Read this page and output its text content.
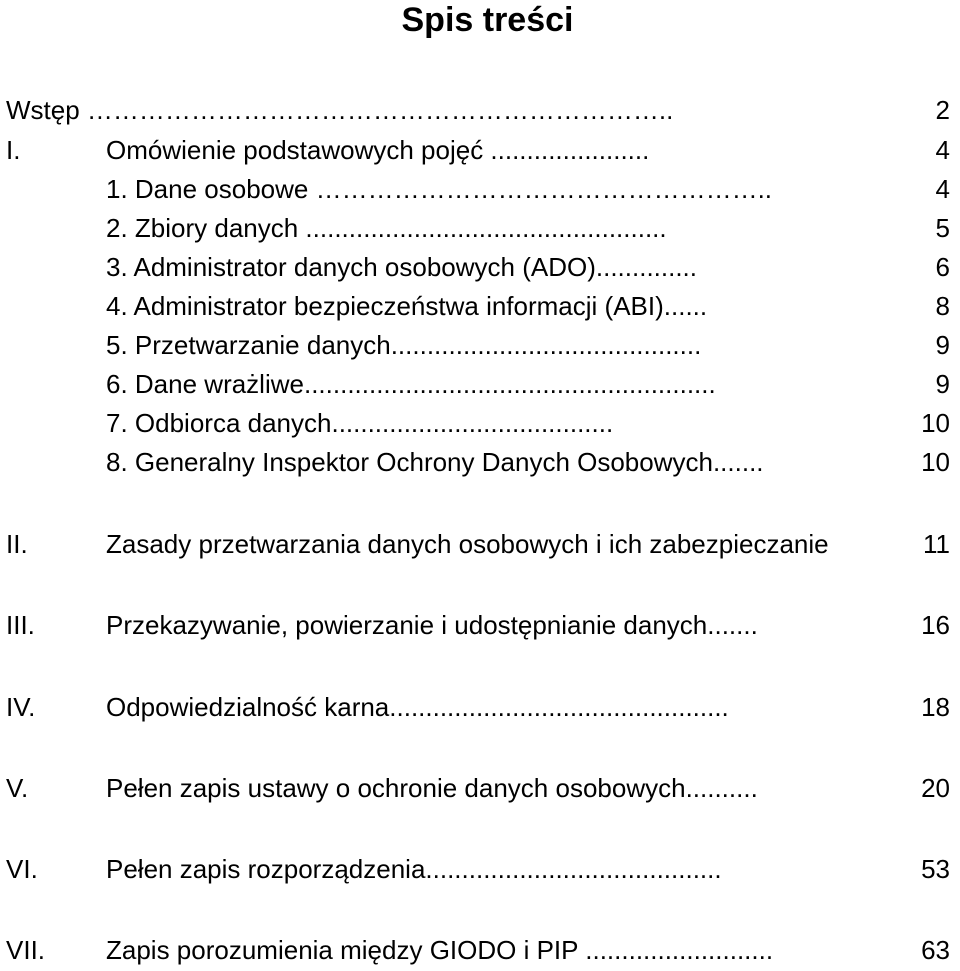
Spis treści
Wstęp …………………………………………………………..	2
I.	Omówienie podstawowych pojęć ......................	4
1. Dane osobowe ……………………………………………..	4
2. Zbiory danych ..................................................	5
3. Administrator danych osobowych (ADO)..............	6
4. Administrator bezpieczeństwa informacji (ABI)......	8
5. Przetwarzanie danych...........................................	9
6. Dane wrażliwe.........................................................	9
7. Odbiorca danych.......................................	10
8. Generalny Inspektor Ochrony Danych Osobowych.......	10
II.	Zasady przetwarzania danych osobowych i ich zabezpieczanie	11
III.	Przekazywanie, powierzanie i udostępnianie danych.......	16
IV.	Odpowiedzialność karna...............................................	18
V.	Pełen zapis ustawy o ochronie danych osobowych..........	20
VI.	Pełen zapis rozporządzenia.........................................	53
VII. Zapis porozumienia między GIODO i PIP ..........................	63
